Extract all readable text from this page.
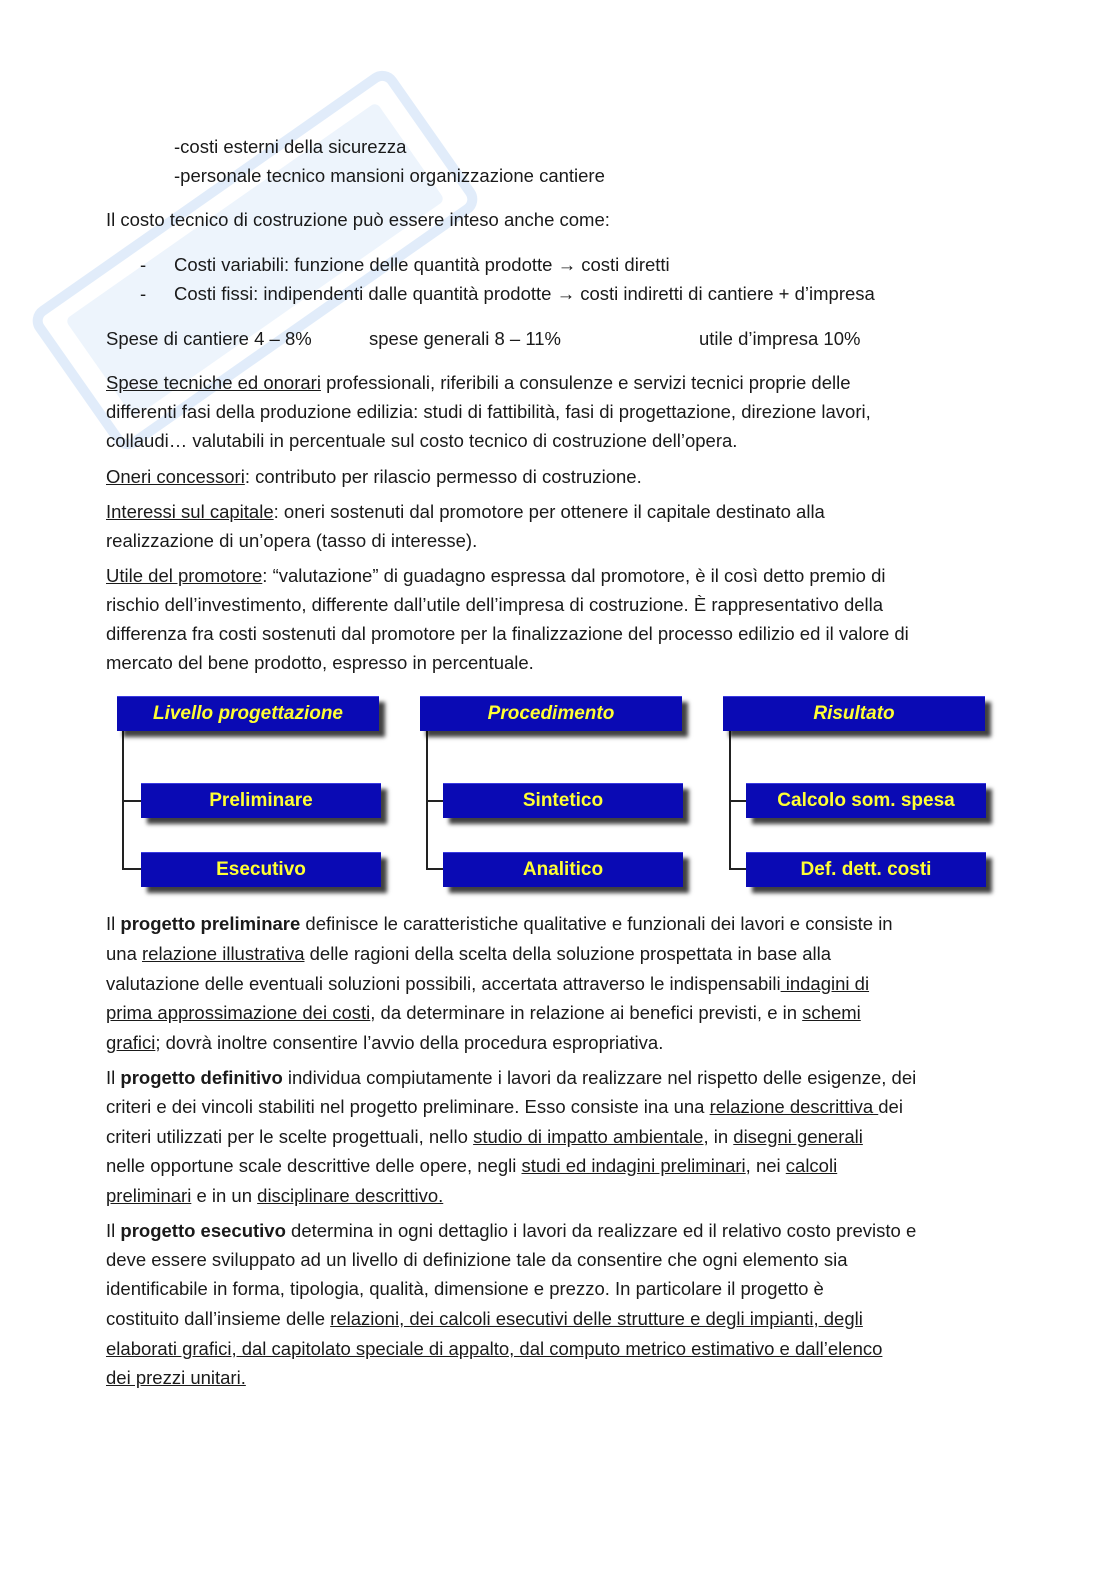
-costi esterni della sicurezza
-personale tecnico mansioni organizzazione cantiere
Il costo tecnico di costruzione può essere inteso anche come:
- Costi variabili: funzione delle quantità prodotte → costi diretti
- Costi fissi: indipendenti dalle quantità prodotte → costi indiretti di cantiere + d’impresa
Spese di cantiere 4 – 8%	spese generali 8 – 11%	utile d’impresa 10%
Spese tecniche ed onorari professionali, riferibili a consulenze e servizi tecnici proprie delle
differenti fasi della produzione edilizia: studi di fattibilità, fasi di progettazione, direzione lavori,
collaudi… valutabili in percentuale sul costo tecnico di costruzione dell’opera.
Oneri concessori: contributo per rilascio permesso di costruzione.
Interessi sul capitale: oneri sostenuti dal promotore per ottenere il capitale destinato alla
realizzazione di un’opera (tasso di interesse).
Utile del promotore: “valutazione” di guadagno espressa dal promotore, è il così detto premio di
rischio dell’investimento, differente dall’utile dell’impresa di costruzione. È rappresentativo della
differenza fra costi sostenuti dal promotore per la finalizzazione del processo edilizio ed il valore di
mercato del bene prodotto, espresso in percentuale.
Livello progettazione
Preliminare
Esecutivo
Procedimento
Sintetico
Analitico
Risultato
Calcolo som. spesa
Def. dett. costi
Il progetto preliminare definisce le caratteristiche qualitative e funzionali dei lavori e consiste in
una relazione illustrativa delle ragioni della scelta della soluzione prospettata in base alla
valutazione delle eventuali soluzioni possibili, accertata attraverso le indispensabili indagini di
prima approssimazione dei costi, da determinare in relazione ai benefici previsti, e in schemi
grafici; dovrà inoltre consentire l’avvio della procedura espropriativa.
Il progetto definitivo individua compiutamente i lavori da realizzare nel rispetto delle esigenze, dei
criteri e dei vincoli stabiliti nel progetto preliminare. Esso consiste ina una relazione descrittiva dei
criteri utilizzati per le scelte progettuali, nello studio di impatto ambientale, in disegni generali
nelle opportune scale descrittive delle opere, negli studi ed indagini preliminari, nei calcoli
preliminari e in un disciplinare descrittivo.
Il progetto esecutivo determina in ogni dettaglio i lavori da realizzare ed il relativo costo previsto e
deve essere sviluppato ad un livello di definizione tale da consentire che ogni elemento sia
identificabile in forma, tipologia, qualità, dimensione e prezzo. In particolare il progetto è
costituito dall’insieme delle relazioni, dei calcoli esecutivi delle strutture e degli impianti, degli
elaborati grafici, dal capitolato speciale di appalto, dal computo metrico estimativo e dall’elenco
dei prezzi unitari.
